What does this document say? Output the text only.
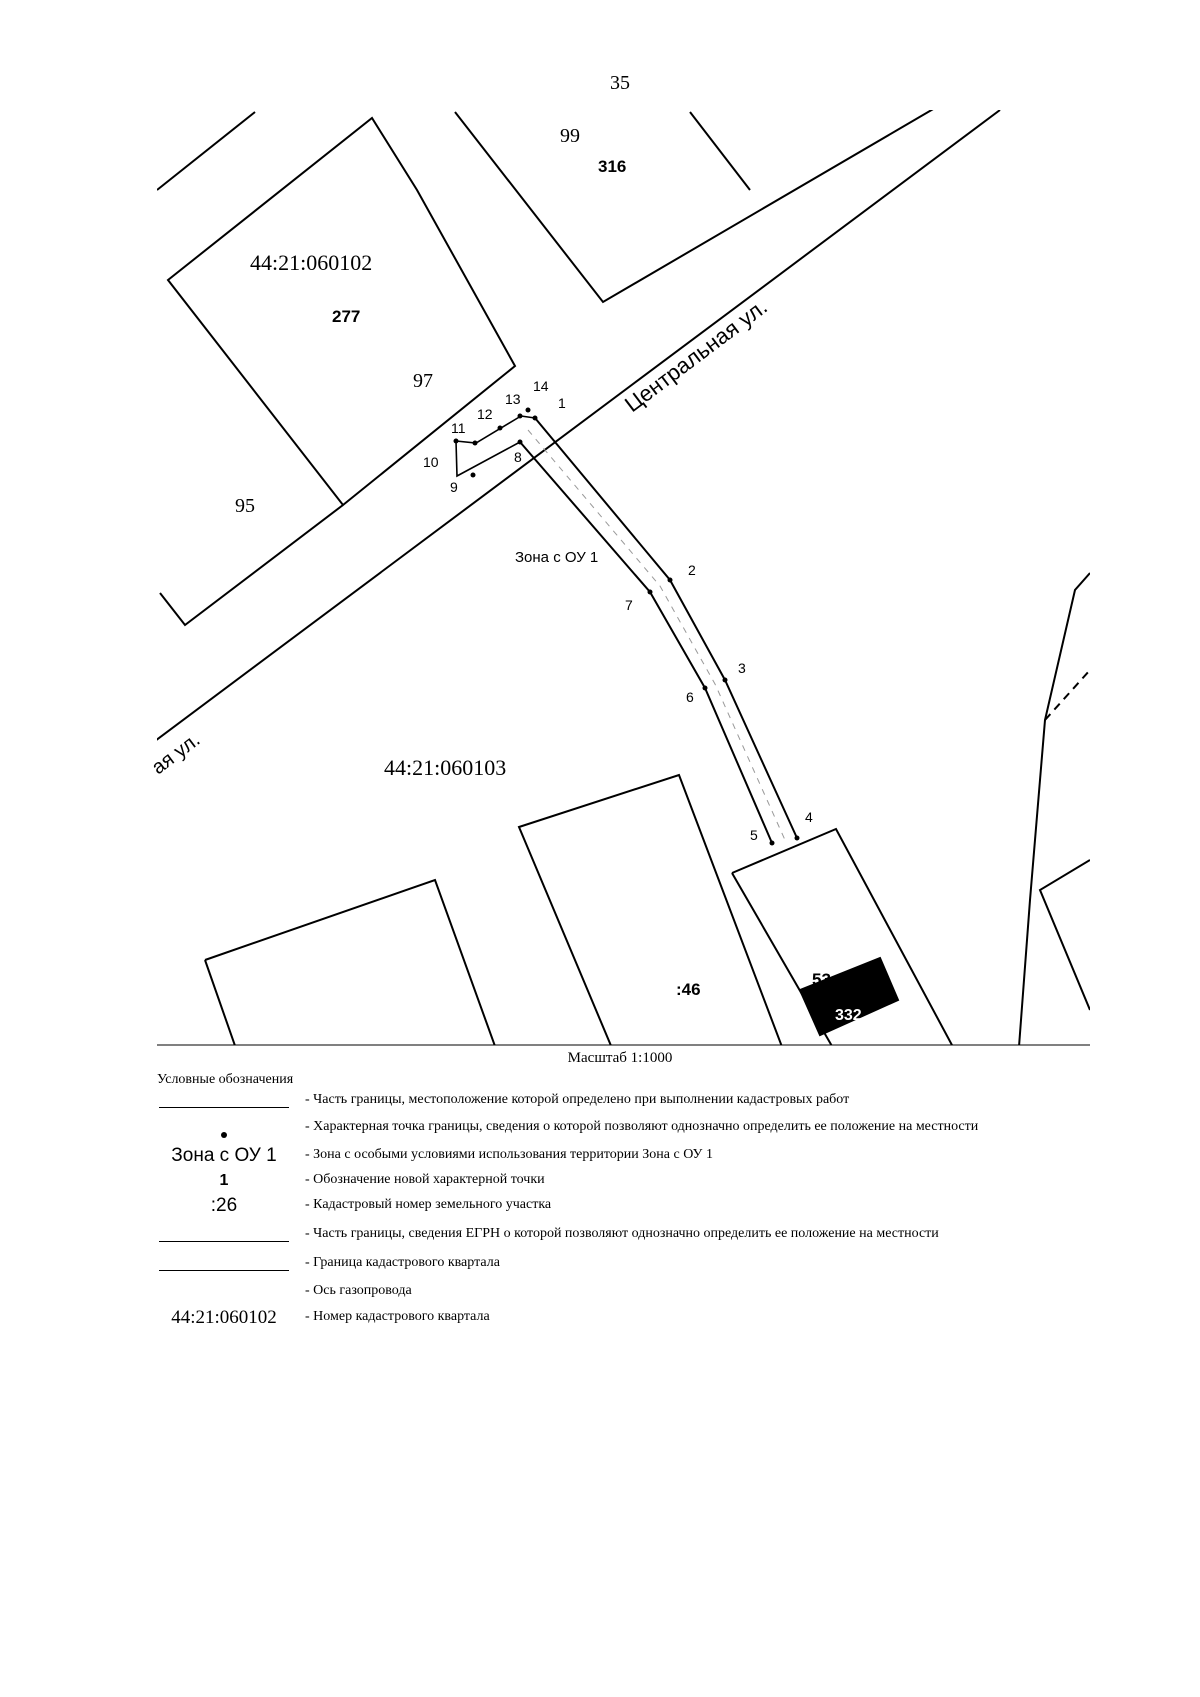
35
99
316
44:21:060102
277
97
95
Центральная ул.
ая ул.
Зона с ОУ 1
44:21:060103
:46
53
332
1
2
3
4
5
6
7
8
9
10
11
12
13
14
Масштаб 1:1000
Условные обозначения
- Часть границы, местоположение которой определено при выполнении кадастровых работ
- Характерная точка границы, сведения о которой позволяют однозначно определить ее положение на местности
Зона с ОУ 1 - Зона с особыми условиями использования территории Зона с ОУ 1
1	- Обозначение новой характерной точки
:26	- Кадастровый номер земельного участка
- Часть границы, сведения ЕГРН о которой позволяют однозначно определить ее положение на местности
- Граница кадастрового квартала
- Ось газопровода
44:21:060102 - Номер кадастрового квартала
